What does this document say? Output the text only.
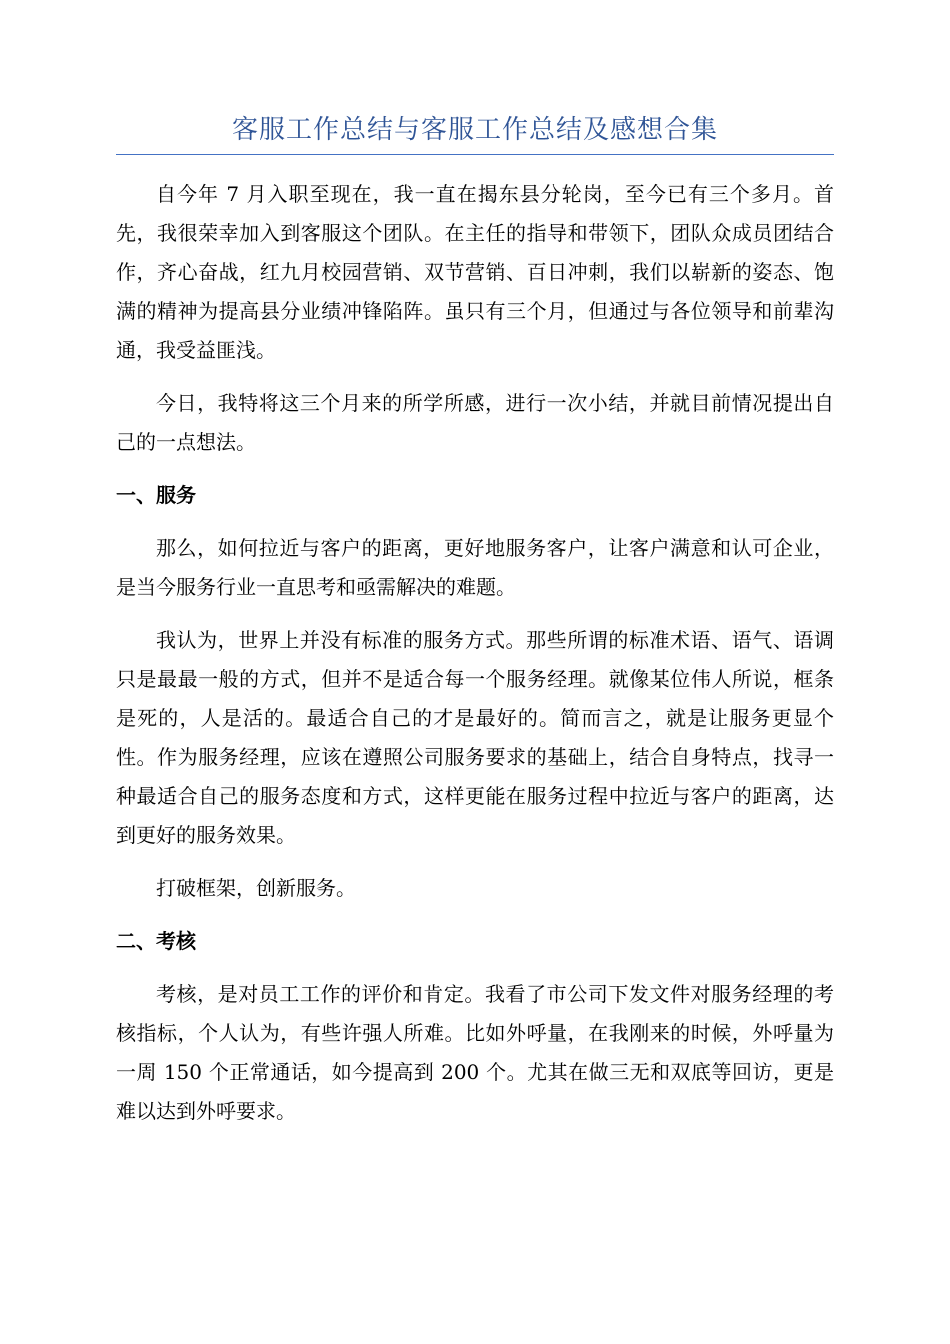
客服工作总结与客服工作总结及感想合集

自今年 7 月入职至现在，我一直在揭东县分轮岗，至今已有三个多月。首先，我很荣幸加入到客服这个团队。在主任的指导和带领下，团队众成员团结合作，齐心奋战，红九月校园营销、双节营销、百日冲刺，我们以崭新的姿态、饱满的精神为提高县分业绩冲锋陷阵。虽只有三个月，但通过与各位领导和前辈沟通，我受益匪浅。

今日，我特将这三个月来的所学所感，进行一次小结，并就目前情况提出自己的一点想法。

一、服务

那么，如何拉近与客户的距离，更好地服务客户，让客户满意和认可企业，是当今服务行业一直思考和亟需解决的难题。

我认为，世界上并没有标准的服务方式。那些所谓的标准术语、语气、语调只是最最一般的方式，但并不是适合每一个服务经理。就像某位伟人所说，框条是死的，人是活的。最适合自己的才是最好的。简而言之，就是让服务更显个性。作为服务经理，应该在遵照公司服务要求的基础上，结合自身特点，找寻一种最适合自己的服务态度和方式，这样更能在服务过程中拉近与客户的距离，达到更好的服务效果。

打破框架，创新服务。

二、考核

考核，是对员工工作的评价和肯定。我看了市公司下发文件对服务经理的考核指标，个人认为，有些许强人所难。比如外呼量，在我刚来的时候，外呼量为一周 150 个正常通话，如今提高到 200 个。尤其在做三无和双底等回访，更是难以达到外呼要求。
